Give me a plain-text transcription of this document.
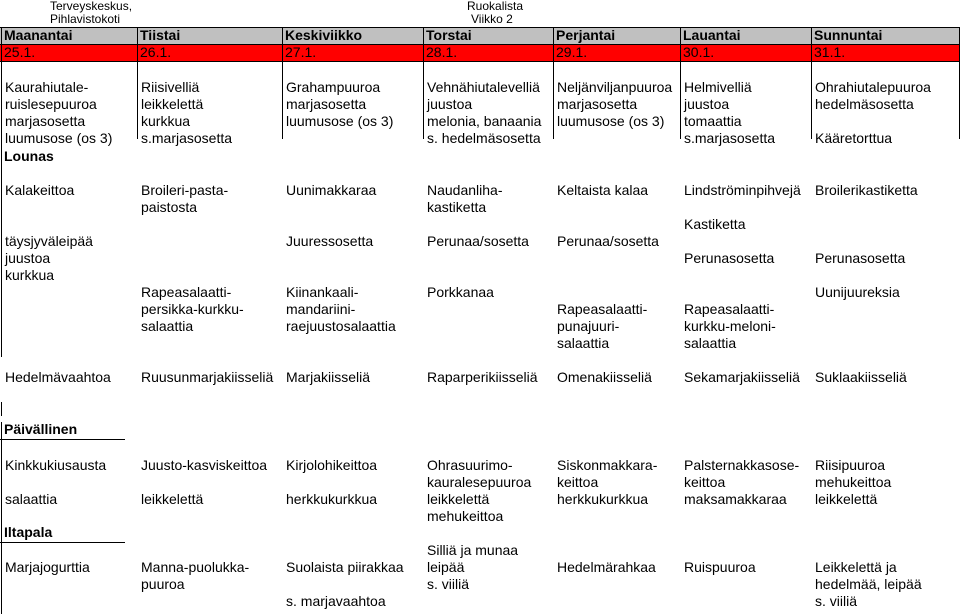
Terveyskeskus,
Pihlavistokoti
Ruokalista
Viikko 2
Maanantai
25.1.
Tiistai
26.1.
Keskiviikko
27.1.
Torstai
28.1.
Perjantai
29.1.
Lauantai
30.1.
Sunnuntai
31.1.
Kaurahiutale-
ruislesepuuroa
marjasosetta
luumusose (os 3)
Riisivelliä
leikkelettä
kurkkua
s.marjasosetta
Grahampuuroa
marjasosetta
luumusose (os 3)
Vehnähiutalevelliä
juustoa
melonia, banaania
s. hedelmäsosetta
Neljänviljanpuuroa
marjasosetta
luumusose (os 3)
Helmivelliä
juustoa
tomaattia
s.marjasosetta
Ohrahiutalepuuroa
hedelmäsosetta
Kääretorttua
Lounas
Kalakeittoa
täysjyväleipää
juustoa
kurkkua
Hedelmävaahtoa
Broileri-pasta-
paistosta
Rapeasalaatti-
persikka-kurkku-
salaattia
Ruusunmarjakiisseliä
Uunimakkaraa
Juuressosetta
Kiinankaali-
mandariini-
raejuustosalaattia
Marjakiisseliä
Naudanliha-
kastiketta
Perunaa/sosetta
Porkkanaa
Raparperikiisseliä
Keltaista kalaa
Perunaa/sosetta
Rapeasalaatti-
punajuuri-
salaattia
Omenakiisseliä
Lindströminpihvejä
Kastiketta
Perunasosetta
Rapeasalaatti-
kurkku-meloni-
salaattia
Sekamarjakiisseliä
Broilerikastiketta
Perunasosetta
Uunijuureksia
Suklaakiisseliä
Päivällinen
Kinkkukiusausta
salaattia
Juusto-kasviskeittoa
leikkelettä
Kirjolohikeittoa
herkkukurkkua
Ohrasuurimo-
kauralesepuuroa
leikkelettä
mehukeittoa
Siskonmakkara-
keittoa
herkkukurkkua
Palsternakkasose-
keittoa
maksamakkaraa
Riisipuuroa
mehukeittoa
leikkelettä
Iltapala
Marjajogurttia	Manna-puolukka-
puuroa
Suolaista piirakkaa
s. marjavaahtoa
Silliä ja munaa
leipää
s. viiliä
Hedelmärahkaa Ruispuuroa	Leikkelettä ja
hedelmää, leipää
s. viiliä
